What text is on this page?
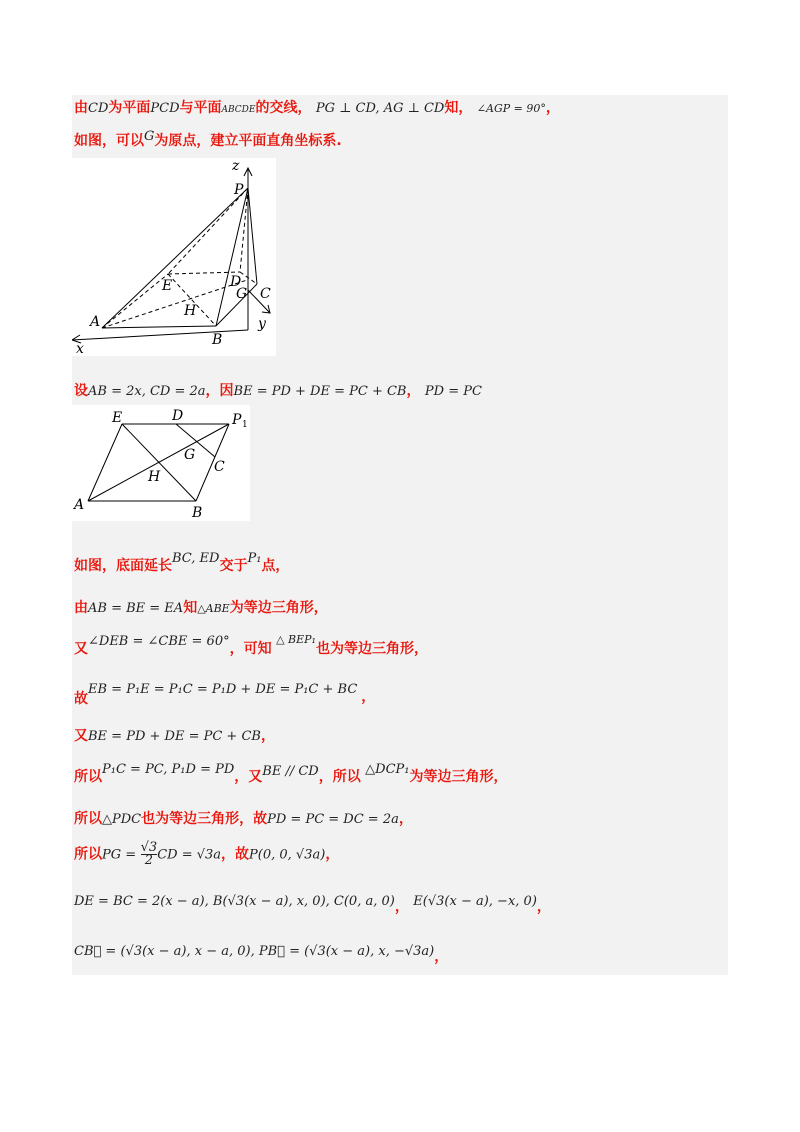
由CD为平面PCD与平面ABCDE的交线， PG ⊥ CD, AG ⊥ CD知， ∠AGP = 90°，
如图，可以G为原点，建立平面直角坐标系.
z
P
E	D
C
G
H
A
B
x
y
设AB = 2x, CD = 2a，因BE = PD + DE = PC + CB， PD = PC
E	D	P 1
G
C
H
A	B
如图，底面延长BC, ED交于P₁点，
由AB = BE = EA知△ABE为等边三角形，
又∠DEB = ∠CBE = 60°，可知 $^{\triangle BEP_1}$也为等边三角形，
EB = P₁E = P₁C = P₁D + DE = P₁C + BC ，
故
又BE = PD + DE = PC + CB，
所以P₁C = PC, P₁D = PD，又BE // CD，所以 △DCP₁为等边三角形，
所以△PDC也为等边三角形，故PD = PC = DC = 2a，
所以PG = $\frac{√3}{2}$ CD = √3a，故P(0, 0, √3a)，
DE = BC = 2(x − a), B(√3(x − a), x, 0), C(0, a, 0)， E(√3(x − a), −x, 0)，
CB⃗ = (√3(x − a), x − a, 0), PB⃗ = (√3(x − a), x, −√3a)，
